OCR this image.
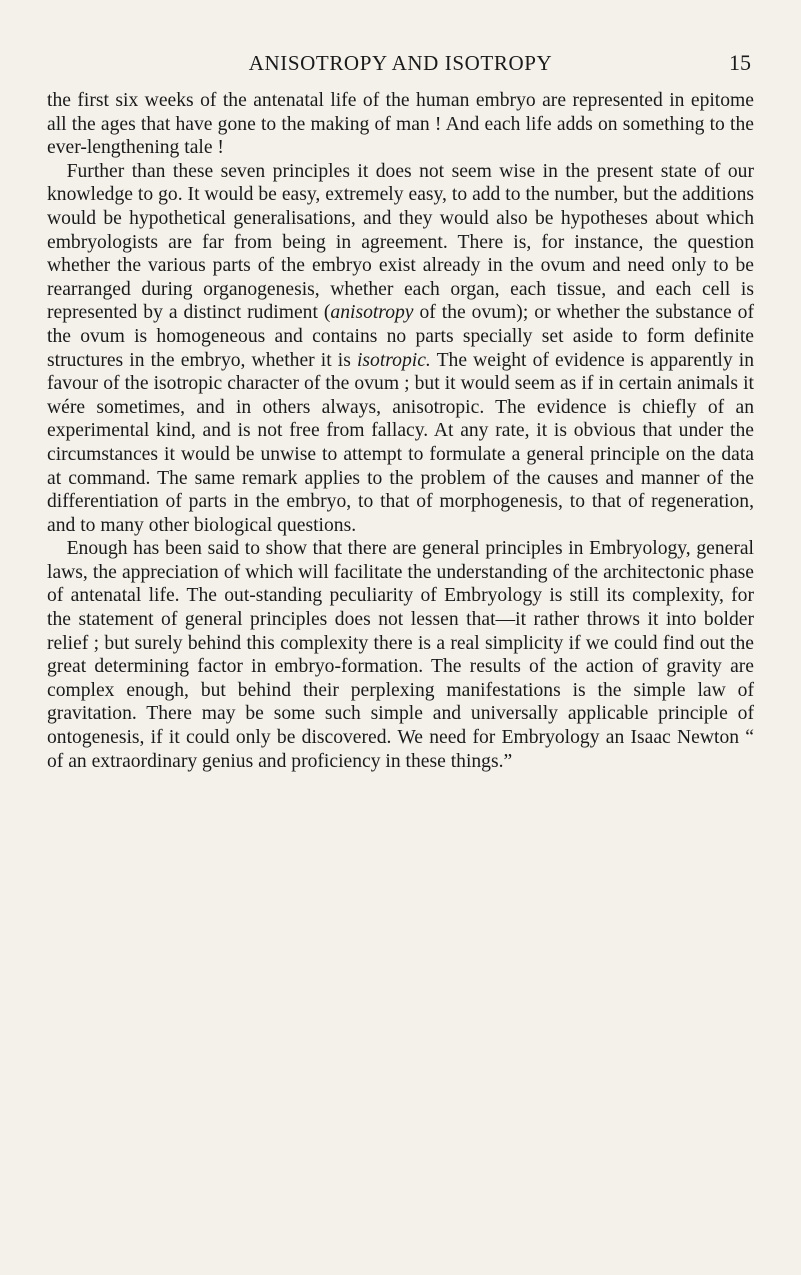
ANISOTROPY AND ISOTROPY	15

the first six weeks of the antenatal life of the human embryo are represented in epitome all the ages that have gone to the making of man ! And each life adds on something to the ever-lengthening tale !

 Further than these seven principles it does not seem wise in the present state of our knowledge to go. It would be easy, extremely easy, to add to the number, but the additions would be hypothetical generalisations, and they would also be hypotheses about which embryologists are far from being in agreement. There is, for instance, the question whether the various parts of the embryo exist already in the ovum and need only to be rearranged during organogenesis, whether each organ, each tissue, and each cell is represented by a distinct rudiment (anisotropy of the ovum); or whether the substance of the ovum is homogeneous and contains no parts specially set aside to form definite structures in the embryo, whether it is isotropic. The weight of evidence is apparently in favour of the isotropic character of the ovum ; but it would seem as if in certain animals it wére sometimes, and in others always, anisotropic. The evidence is chiefly of an experimental kind, and is not free from fallacy. At any rate, it is obvious that under the circumstances it would be unwise to attempt to formulate a general principle on the data at command. The same remark applies to the problem of the causes and manner of the differentiation of parts in the embryo, to that of morphogenesis, to that of regeneration, and to many other biological questions.

 Enough has been said to show that there are general principles in Embryology, general laws, the appreciation of which will facilitate the understanding of the architectonic phase of antenatal life. The out-standing peculiarity of Embryology is still its complexity, for the statement of general principles does not lessen that—it rather throws it into bolder relief ; but surely behind this complexity there is a real simplicity if we could find out the great determining factor in embryo-formation. The results of the action of gravity are complex enough, but behind their perplexing manifestations is the simple law of gravitation. There may be some such simple and universally applicable principle of ontogenesis, if it could only be discovered. We need for Embryology an Isaac Newton “ of an extraordinary genius and proficiency in these things.”
